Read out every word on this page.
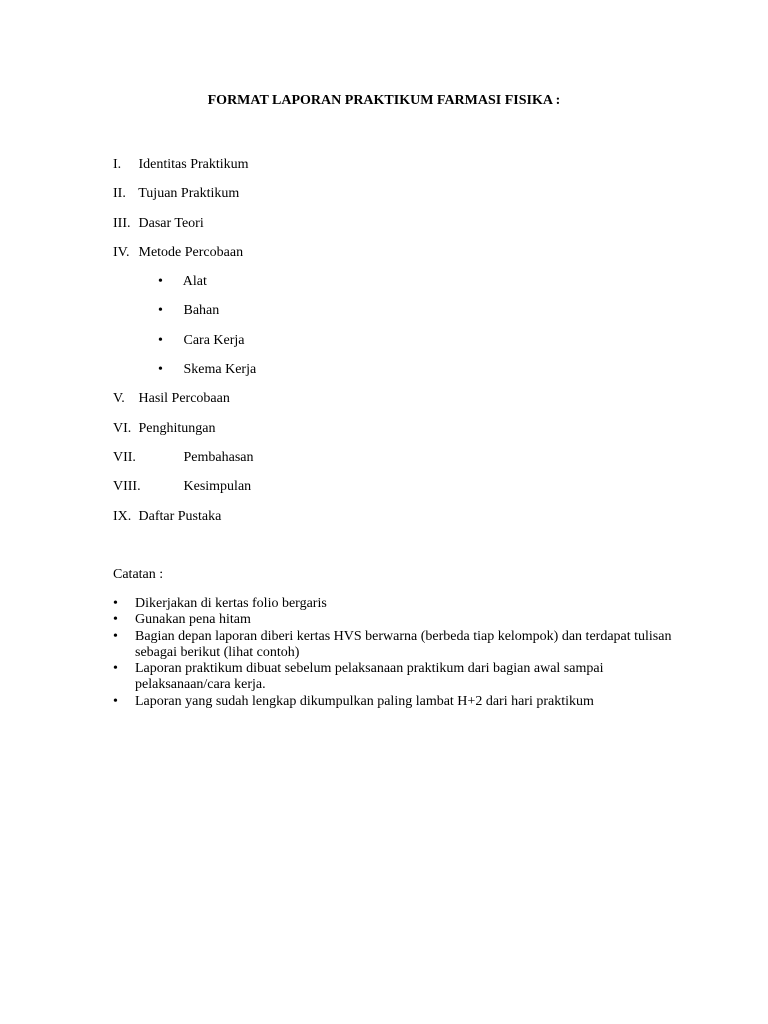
FORMAT LAPORAN PRAKTIKUM FARMASI FISIKA :
I. Identitas Praktikum
II. Tujuan Praktikum
III. Dasar Teori
IV. Metode Percobaan
• Alat
• Bahan
• Cara Kerja
• Skema Kerja
V. Hasil Percobaan
VI. Penghitungan
VII.	Pembahasan
VIII.	Kesimpulan
IX. Daftar Pustaka
Catatan :
• Dikerjakan di kertas folio bergaris
• Gunakan pena hitam
• Bagian depan laporan diberi kertas HVS berwarna (berbeda tiap kelompok) dan terdapat tulisan sebagai berikut (lihat contoh)
• Laporan praktikum dibuat sebelum pelaksanaan praktikum dari bagian awal sampai pelaksanaan/cara kerja.
• Laporan yang sudah lengkap dikumpulkan paling lambat H+2 dari hari praktikum
